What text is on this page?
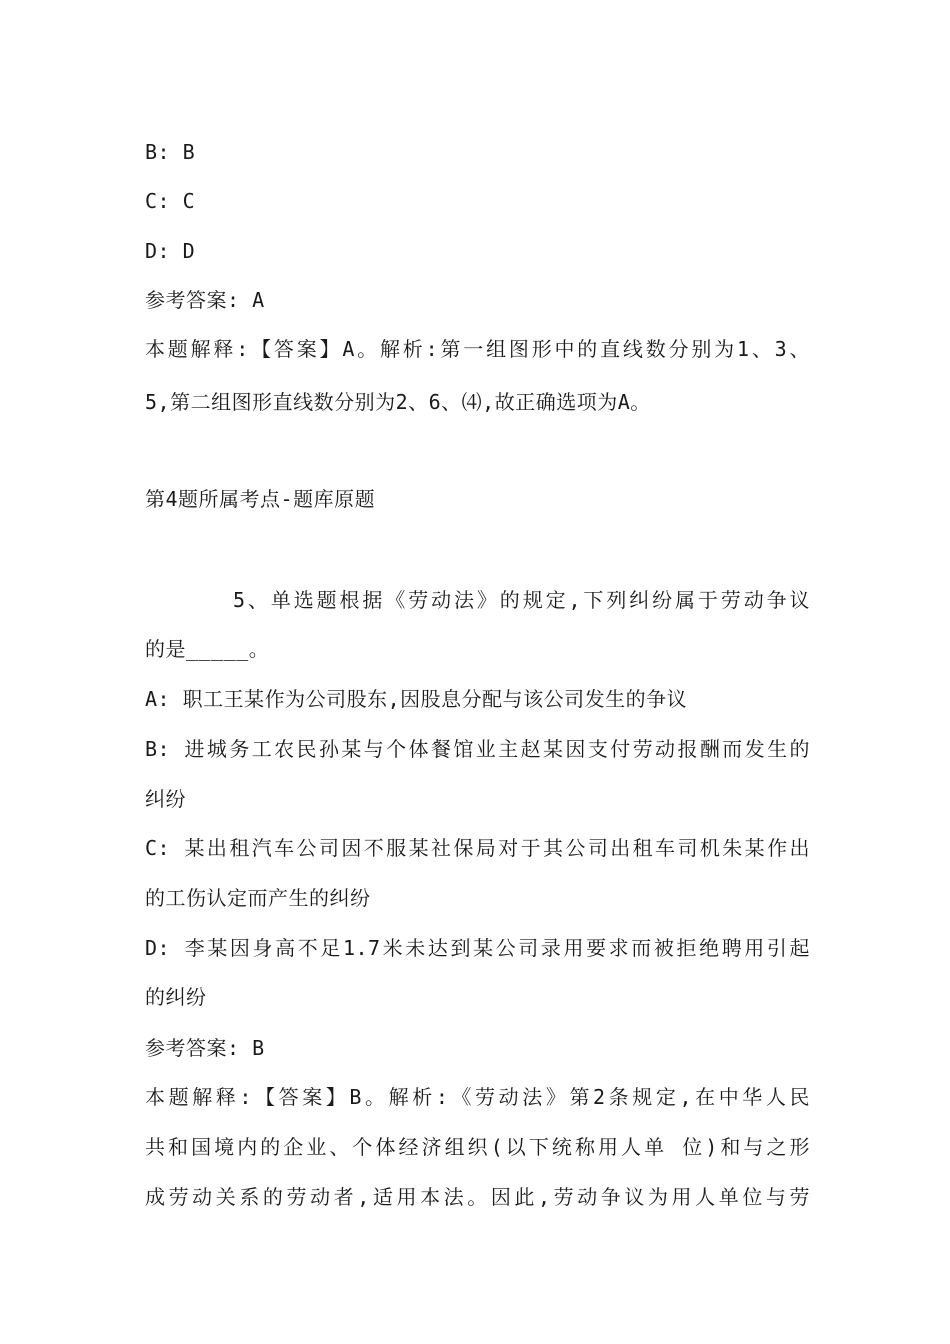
B: B
C: C
D: D
参考答案: A
本题解释:【答案】A。解析:第一组图形中的直线数分别为1、3、
5,第二组图形直线数分别为2、6、⑷,故正确选项为A。
第4题所属考点-题库原题
5、单选题根据《劳动法》的规定,下列纠纷属于劳动争议
的是_____。
A: 职工王某作为公司股东,因股息分配与该公司发生的争议
B: 进城务工农民孙某与个体餐馆业主赵某因支付劳动报酬而发生的
纠纷
C: 某出租汽车公司因不服某社保局对于其公司出租车司机朱某作出
的工伤认定而产生的纠纷
D: 李某因身高不足1.7米未达到某公司录用要求而被拒绝聘用引起
的纠纷
参考答案: B
本题解释:【答案】B。解析:《劳动法》第2条规定,在中华人民
共和国境内的企业、个体经济组织(以下统称用人单 位)和与之形
成劳动关系的劳动者,适用本法。因此,劳动争议为用人单位与劳
